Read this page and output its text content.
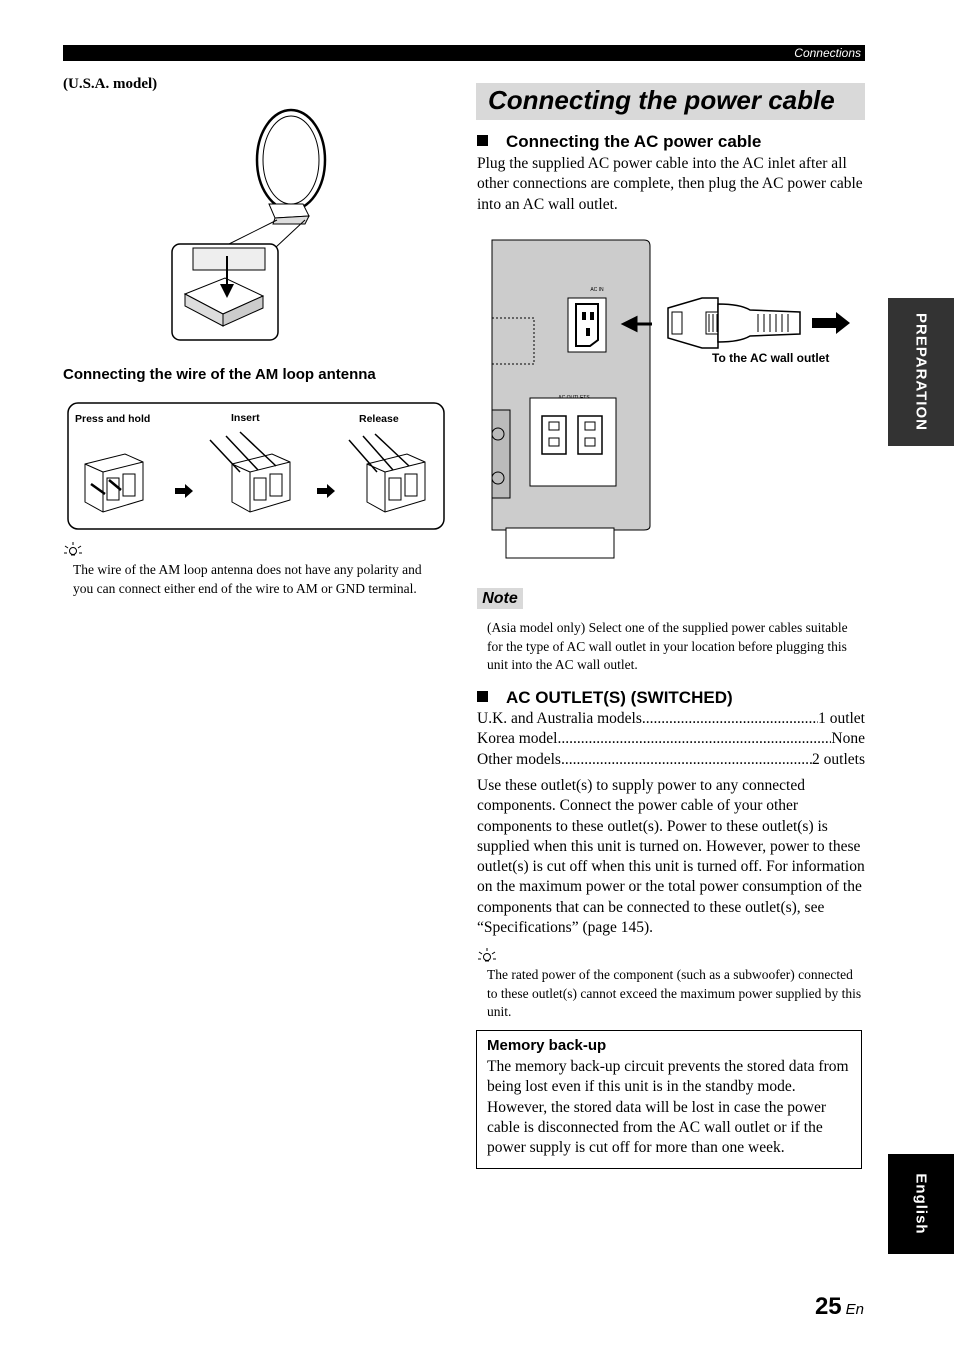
Connections
(U.S.A. model)
Connecting the wire of the AM loop antenna
Press and hold	Insert	Release
The wire of the AM loop antenna does not have any polarity and you can connect either end of the wire to AM or GND terminal.
Connecting the power cable
Connecting the AC power cable
Plug the supplied AC power cable into the AC inlet after all other connections are complete, then plug the AC power cable into an AC wall outlet.
AC IN
To the AC wall outlet
Note
(Asia model only) Select one of the supplied power cables suitable for the type of AC wall outlet in your location before plugging this unit into the AC wall outlet.
AC OUTLET(S) (SWITCHED)
U.K. and Australia models .....	1 outlet
Korea model .....	None
Other models .....	2 outlets
Use these outlet(s) to supply power to any connected components. Connect the power cable of your other components to these outlet(s). Power to these outlet(s) is supplied when this unit is turned on. However, power to these outlet(s) is cut off when this unit is turned off. For information on the maximum power or the total power consumption of the components that can be connected to these outlet(s), see “Specifications” (page 145).
The rated power of the component (such as a subwoofer) connected to these outlet(s) cannot exceed the maximum power supplied by this unit.
Memory back-up
The memory back-up circuit prevents the stored data from being lost even if this unit is in the standby mode. However, the stored data will be lost in case the power cable is disconnected from the AC wall outlet or if the power supply is cut off for more than one week.
PREPARATION
English
25 En
